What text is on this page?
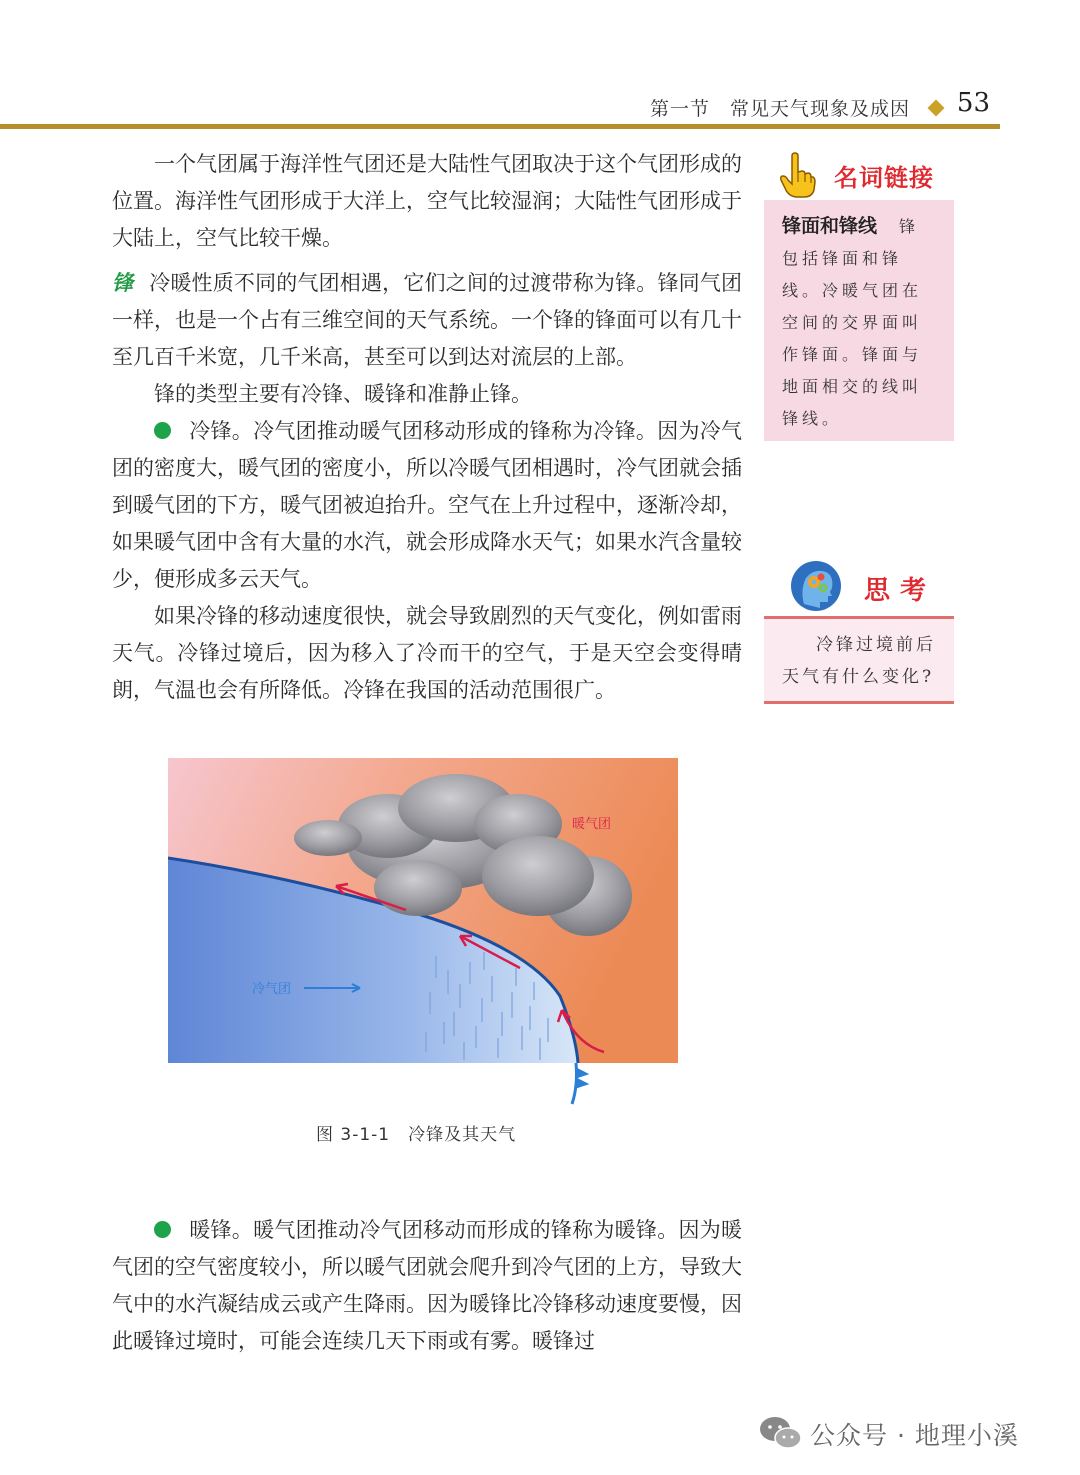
第一节　常见天气现象及成因 53

一个气团属于海洋性气团还是大陆性气团取决于这个气团形成的位置。海洋性气团形成于大洋上，空气比较湿润；大陆性气团形成于大陆上，空气比较干燥。

锋 冷暖性质不同的气团相遇，它们之间的过渡带称为锋。锋同气团一样，也是一个占有三维空间的天气系统。一个锋的锋面可以有几十至几百千米宽，几千米高，甚至可以到达对流层的上部。

锋的类型主要有冷锋、暖锋和准静止锋。

冷锋。冷气团推动暖气团移动形成的锋称为冷锋。因为冷气团的密度大，暖气团的密度小，所以冷暖气团相遇时，冷气团就会插到暖气团的下方，暖气团被迫抬升。空气在上升过程中，逐渐冷却，如果暖气团中含有大量的水汽，就会形成降水天气；如果水汽含量较少，便形成多云天气。

如果冷锋的移动速度很快，就会导致剧烈的天气变化，例如雷雨天气。冷锋过境后，因为移入了冷而干的空气，于是天空会变得晴朗，气温也会有所降低。冷锋在我国的活动范围很广。

名词链接
锋面和锋线 锋包括锋面和锋线。冷暖气团在空间的交界面叫作锋面。锋面与地面相交的线叫锋线。
思考
冷锋过境前后天气有什么变化?
暖气团
冷气团
图 3-1-1　冷锋及其天气

暖锋。暖气团推动冷气团移动而形成的锋称为暖锋。因为暖气团的空气密度较小，所以暖气团就会爬升到冷气团的上方，导致大气中的水汽凝结成云或产生降雨。因为暖锋比冷锋移动速度要慢，因此暖锋过境时，可能会连续几天下雨或有雾。暖锋过

公众号 · 地理小溪
